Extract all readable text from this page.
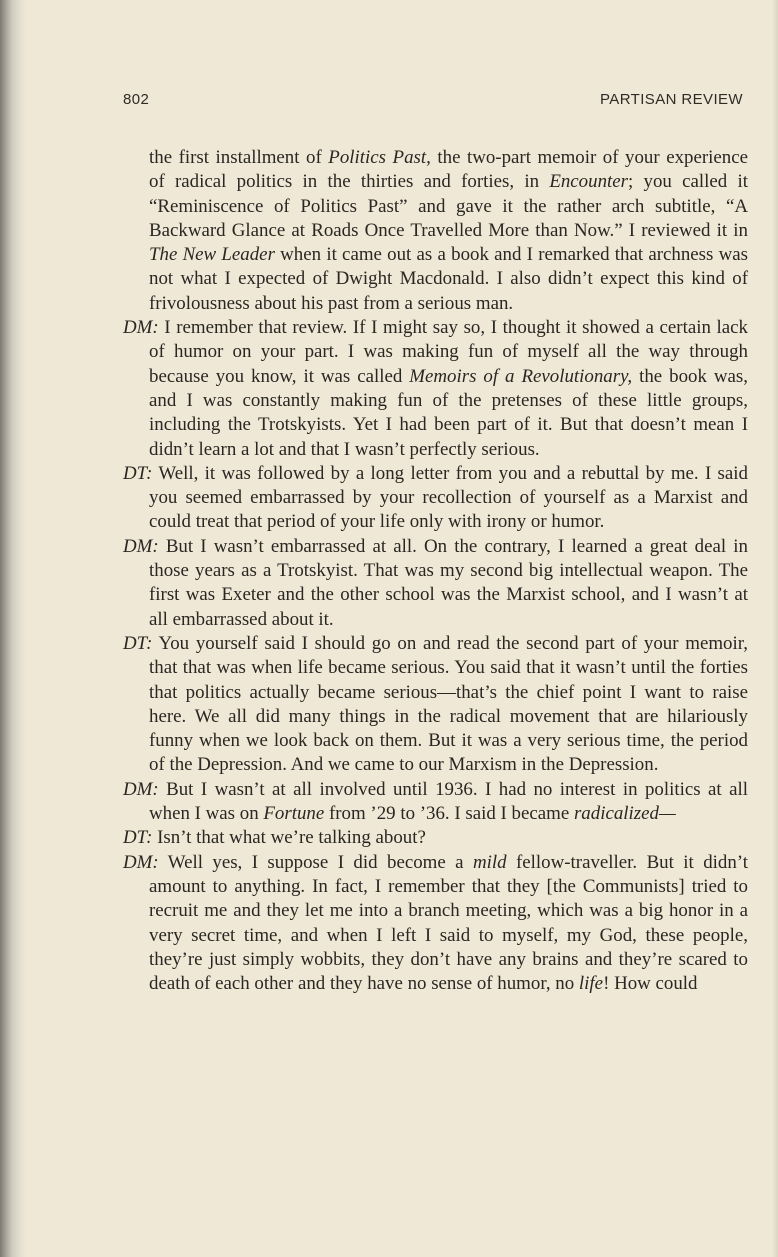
802	PARTISAN REVIEW

the first installment of Politics Past, the two-part memoir of your experience of radical politics in the thirties and forties, in Encounter; you called it “Reminiscence of Politics Past” and gave it the rather arch subtitle, “A Backward Glance at Roads Once Travelled More than Now.” I reviewed it in The New Leader when it came out as a book and I remarked that archness was not what I expected of Dwight Macdonald. I also didn’t expect this kind of frivolousness about his past from a serious man.

DM: I remember that review. If I might say so, I thought it showed a certain lack of humor on your part. I was making fun of myself all the way through because you know, it was called Memoirs of a Revolutionary, the book was, and I was constantly making fun of the pretenses of these little groups, including the Trotskyists. Yet I had been part of it. But that doesn’t mean I didn’t learn a lot and that I wasn’t perfectly serious.

DT: Well, it was followed by a long letter from you and a rebuttal by me. I said you seemed embarrassed by your recollection of yourself as a Marxist and could treat that period of your life only with irony or humor.

DM: But I wasn’t embarrassed at all. On the contrary, I learned a great deal in those years as a Trotskyist. That was my second big intellectual weapon. The first was Exeter and the other school was the Marxist school, and I wasn’t at all embarrassed about it.

DT: You yourself said I should go on and read the second part of your memoir, that that was when life became serious. You said that it wasn’t until the forties that politics actually became serious—that’s the chief point I want to raise here. We all did many things in the radical movement that are hilariously funny when we look back on them. But it was a very serious time, the period of the Depression. And we came to our Marxism in the Depression.

DM: But I wasn’t at all involved until 1936. I had no interest in politics at all when I was on Fortune from ’29 to ’36. I said I became radicalized—

DT: Isn’t that what we’re talking about?

DM: Well yes, I suppose I did become a mild fellow-traveller. But it didn’t amount to anything. In fact, I remember that they [the Communists] tried to recruit me and they let me into a branch meeting, which was a big honor in a very secret time, and when I left I said to myself, my God, these people, they’re just simply wobbits, they don’t have any brains and they’re scared to death of each other and they have no sense of humor, no life! How could
